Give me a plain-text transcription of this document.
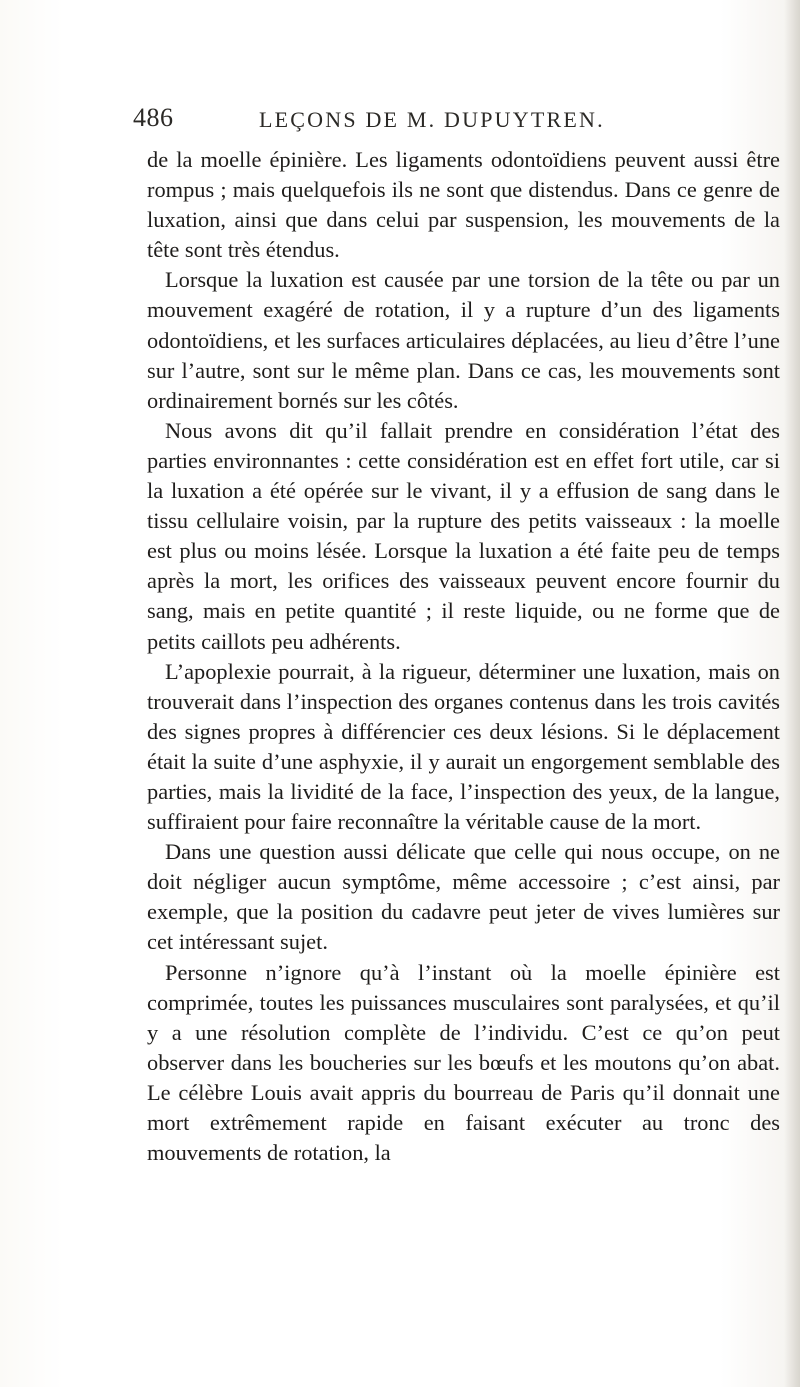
486	LEÇONS DE M. DUPUYTREN.

de la moelle épinière. Les ligaments odontoïdiens peuvent aussi être rompus ; mais quelquefois ils ne sont que distendus. Dans ce genre de luxation, ainsi que dans celui par suspension, les mouvements de la tête sont très étendus.

Lorsque la luxation est causée par une torsion de la tête ou par un mouvement exagéré de rotation, il y a rupture d’un des ligaments odontoïdiens, et les surfaces articulaires déplacées, au lieu d’être l’une sur l’autre, sont sur le même plan. Dans ce cas, les mouvements sont ordinairement bornés sur les côtés.

Nous avons dit qu’il fallait prendre en considération l’état des parties environnantes : cette considération est en effet fort utile, car si la luxation a été opérée sur le vivant, il y a effusion de sang dans le tissu cellulaire voisin, par la rupture des petits vaisseaux : la moelle est plus ou moins lésée. Lorsque la luxation a été faite peu de temps après la mort, les orifices des vaisseaux peuvent encore fournir du sang, mais en petite quantité ; il reste liquide, ou ne forme que de petits caillots peu adhérents.

L’apoplexie pourrait, à la rigueur, déterminer une luxation, mais on trouverait dans l’inspection des organes contenus dans les trois cavités des signes propres à différencier ces deux lésions. Si le déplacement était la suite d’une asphyxie, il y aurait un engorgement semblable des parties, mais la lividité de la face, l’inspection des yeux, de la langue, suffiraient pour faire reconnaître la véritable cause de la mort.

Dans une question aussi délicate que celle qui nous occupe, on ne doit négliger aucun symptôme, même accessoire ; c’est ainsi, par exemple, que la position du cadavre peut jeter de vives lumières sur cet intéressant sujet.

Personne n’ignore qu’à l’instant où la moelle épinière est comprimée, toutes les puissances musculaires sont paralysées, et qu’il y a une résolution complète de l’individu. C’est ce qu’on peut observer dans les boucheries sur les bœufs et les moutons qu’on abat. Le célèbre Louis avait appris du bourreau de Paris qu’il donnait une mort extrêmement rapide en faisant exécuter au tronc des mouvements de rotation, la
